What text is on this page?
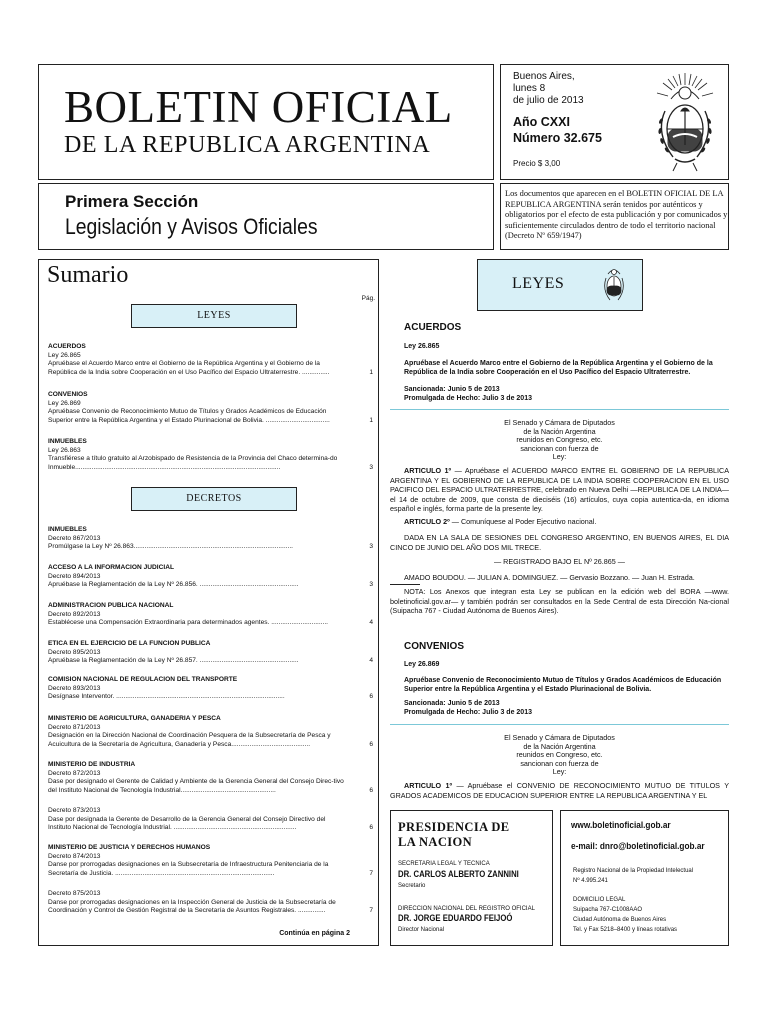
BOLETIN OFICIAL
DE LA REPUBLICA ARGENTINA
Buenos Aires,
lunes 8
de julio de 2013
Año CXXI
Número 32.675
Precio $ 3,00
Primera Sección
Legislación y Avisos Oficiales
Los documentos que aparecen en el BOLETIN OFICIAL DE LA REPUBLICA ARGENTINA serán tenidos por auténticos y obligatorios por el efecto de esta publicación y por comunicados y suficientemente circulados dentro de todo el territorio nacional (Decreto Nº 659/1947)
Sumario
Pág.
LEYES
ACUERDOS
Ley 26.865
Apruébase el Acuerdo Marco entre el Gobierno de la República Argentina y el Gobierno de la República de la India sobre Cooperación en el Uso Pacífico del Espacio Ultraterrestre. ...............	1
CONVENIOS
Ley 26.869
Apruébase Convenio de Reconocimiento Mutuo de Títulos y Grados Académicos de Educación Superior entre la República Argentina y el Estado Plurinacional de Bolivia. ...................................	1
INMUEBLES
Ley 26.863
Transfiérese a título gratuito al Arzobispado de Resistencia de la Provincia del Chaco determina-do Inmueble................................................................................................................	3
DECRETOS
INMUEBLES
Decreto 867/2013
Promúlgase la Ley Nº 26.863.......................................................................................	3
ACCESO A LA INFORMACION JUDICIAL
Decreto 894/2013
Apruébase la Reglamentación de la Ley Nº 26.856. ......................................................	3
ADMINISTRACION PUBLICA NACIONAL
Decreto 892/2013
Establécese una Compensación Extraordinaria para determinados agentes. ...............................	4
ETICA EN EL EJERCICIO DE LA FUNCION PUBLICA
Decreto 895/2013
Apruébase la Reglamentación de la Ley Nº 26.857. ......................................................	4
COMISION NACIONAL DE REGULACION DEL TRANSPORTE
Decreto 893/2013
Desígnase Interventor. ............................................................................................	6
MINISTERIO DE AGRICULTURA, GANADERIA Y PESCA
Decreto 871/2013
Designación en la Dirección Nacional de Coordinación Pesquera de la Subsecretaría de Pesca y Acuicultura de la Secretaría de Agricultura, Ganadería y Pesca...........................................	6
MINISTERIO DE INDUSTRIA
Decreto 872/2013
Dase por designado el Gerente de Calidad y Ambiente de la Gerencia General del Consejo Direc-tivo del Instituto Nacional de Tecnología Industrial....................................................	6
Decreto 873/2013
Dase por designada la Gerente de Desarrollo de la Gerencia General del Consejo Directivo del Instituto Nacional de Tecnología Industrial. ...................................................................	6
MINISTERIO DE JUSTICIA Y DERECHOS HUMANOS
Decreto 874/2013
Danse por prorrogadas designaciones en la Subsecretaría de Infraestructura Penitenciaria de la Secretaría de Justicia. .......................................................................................	7
Decreto 875/2013
Danse por prorrogadas designaciones en la Inspección General de Justicia de la Subsecretaría de Coordinación y Control de Gestión Registral de la Secretaría de Asuntos Registrales. ...............	7
Continúa en página 2
LEYES
ACUERDOS
Ley 26.865
Apruébase el Acuerdo Marco entre el Gobierno de la República Argentina y el Gobierno de la República de la India sobre Cooperación en el Uso Pacífico del Espacio Ultraterrestre.
Sancionada: Junio 5 de 2013
Promulgada de Hecho: Julio 3 de 2013
El Senado y Cámara de Diputados
de la Nación Argentina
reunidos en Congreso, etc.
sancionan con fuerza de
Ley:
ARTICULO 1º — Apruébase el ACUERDO MARCO ENTRE EL GOBIERNO DE LA REPUBLICA ARGENTINA Y EL GOBIERNO DE LA REPUBLICA DE LA INDIA SOBRE COOPERACION EN EL USO PACIFICO DEL ESPACIO ULTRATERRESTRE, celebrado en Nueva Delhi —REPUBLICA DE LA INDIA— el 14 de octubre de 2009, que consta de dieciséis (16) artículos, cuya copia autentica-da, en idioma español e inglés, forma parte de la presente ley.
ARTICULO 2º — Comuníquese al Poder Ejecutivo nacional.
DADA EN LA SALA DE SESIONES DEL CONGRESO ARGENTINO, EN BUENOS AIRES, EL DIA CINCO DE JUNIO DEL AÑO DOS MIL TRECE.
— REGISTRADO BAJO EL Nº 26.865 —
AMADO BOUDOU. — JULIAN A. DOMINGUEZ. — Gervasio Bozzano. — Juan H. Estrada.
NOTA: Los Anexos que integran esta Ley se publican en la edición web del BORA —www. boletinoficial.gov.ar— y también podrán ser consultados en la Sede Central de esta Dirección Na-cional (Suipacha 767 - Ciudad Autónoma de Buenos Aires).
CONVENIOS
Ley 26.869
Apruébase Convenio de Reconocimiento Mutuo de Títulos y Grados Académicos de Educación Superior entre la República Argentina y el Estado Plurinacional de Bolivia.
Sancionada: Junio 5 de 2013
Promulgada de Hecho: Julio 3 de 2013
El Senado y Cámara de Diputados
de la Nación Argentina
reunidos en Congreso, etc.
sancionan con fuerza de
Ley:
ARTICULO 1º — Apruébase el CONVENIO DE RECONOCIMIENTO MUTUO DE TITULOS Y GRADOS ACADEMICOS DE EDUCACION SUPERIOR ENTRE LA REPUBLICA ARGENTINA Y EL
PRESIDENCIA DE
LA NACION
SECRETARIA LEGAL Y TECNICA
DR. CARLOS ALBERTO ZANNINI
Secretario
DIRECCION NACIONAL DEL REGISTRO OFICIAL
DR. JORGE EDUARDO FEIJOÓ
Director Nacional
www.boletinoficial.gob.ar
e-mail: dnro@boletinoficial.gob.ar
Registro Nacional de la Propiedad Intelectual
Nº 4.995.241
DOMICILIO LEGAL
Suipacha 767-C1008AAO
Ciudad Autónoma de Buenos Aires
Tel. y Fax 5218–8400 y líneas rotativas
